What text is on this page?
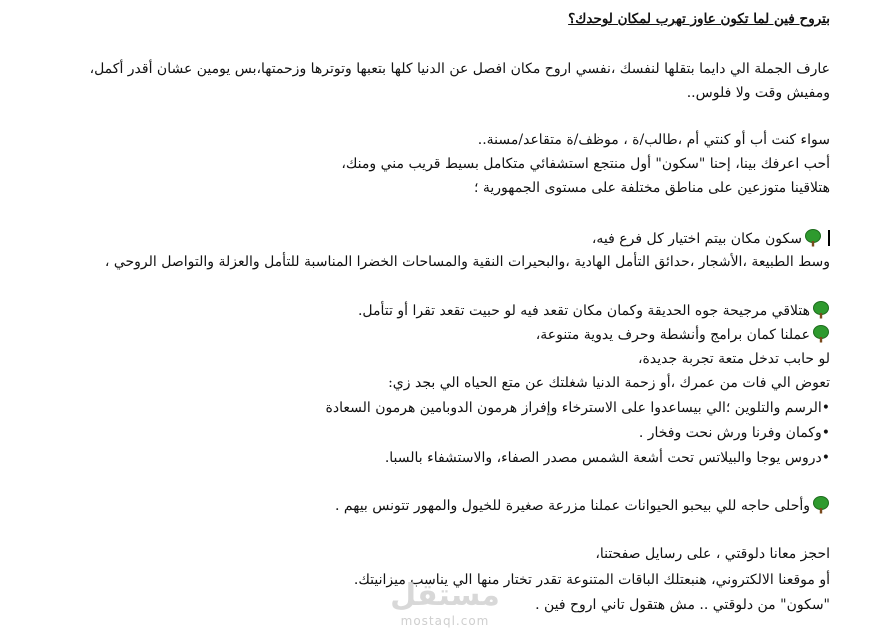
بتروح فين لما تكون عاوز تهرب لمكان لوحدك؟
عارف الجملة الي دايما بتقلها لنفسك ،نفسي اروح مكان افصل عن الدنيا كلها بتعبها وتوترها وزحمتها،بس يومين عشان أقدر أكمل،
ومفيش وقت ولا فلوس..
سواء كنت أب أو كنتي أم ،طالب/ة ، موظف/ة متقاعد/مسنة..
أحب اعرفك بينا، إحنا "سكون" أول منتجع استشفائي متكامل بسيط قريب مني ومنك،
هتلاقينا متوزعين على مناطق مختلفة على مستوى الجمهورية ؛
سكون مكان بيتم اختيار كل فرع فيه،
وسط الطبيعة ،الأشجار ،حدائق التأمل الهادية ،والبحيرات النقية والمساحات الخضرا المناسبة للتأمل والعزلة والتواصل الروحي ،
هتلاقي مرجيحة جوه الحديقة وكمان مكان تقعد فيه لو حبيت تقعد تقرا أو تتأمل.
عملنا كمان برامج وأنشطة وحرف يدوية متنوعة،
لو حابب تدخل متعة تجربة جديدة،
تعوض الي فات من عمرك ،أو زحمة الدنيا شغلتك عن متع الحياه الي بجد زي:
•الرسم والتلوين ؛الي بيساعدوا على الاسترخاء وإفراز هرمون الدوبامين هرمون السعادة
•وكمان وفرنا ورش نحت وفخار .
•دروس يوجا والبيلاتس تحت أشعة الشمس مصدر الصفاء، والاستشفاء بالسبا.
وأحلى حاجه للي بيحبو الحيوانات عملنا مزرعة صغيرة للخيول والمهور تتونس بيهم .
احجز معانا دلوقتي ، على رسايل صفحتنا،
أو موقعنا الالكتروني، هنبعتلك الباقات المتنوعة تقدر تختار منها الي يناسب ميزانيتك.
"سكون" من دلوقتي .. مش هتقول تاني اروح فين .
مستقل
mostaql.com
